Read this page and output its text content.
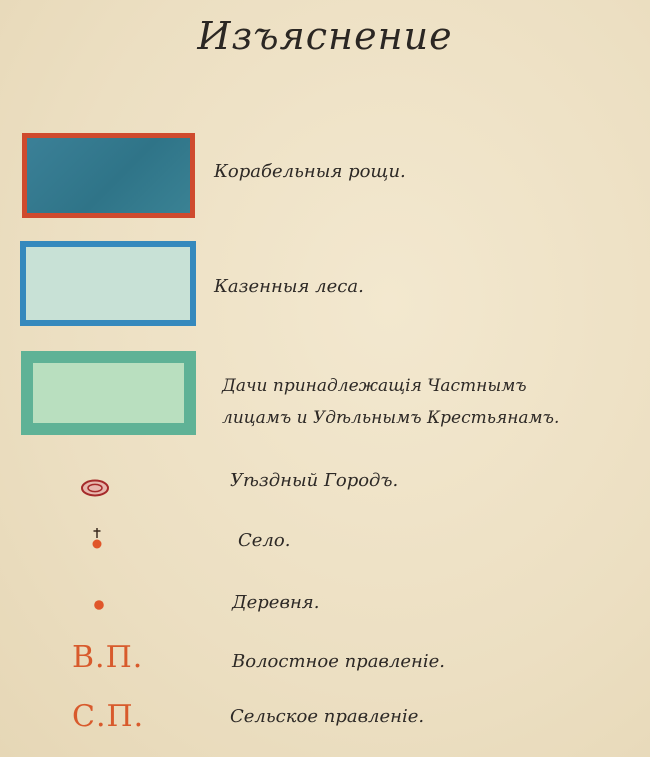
Изъяснение
Корабельныя рощи.
Казенныя леса.
Дачи принадлежащія Частнымъ
лицамъ и Удѣльнымъ Крестьянамъ.
Уѣздный Городъ.
Село.
Деревня.
В.П.	Волостное правленіе.
С.П.	Сельское правленіе.
